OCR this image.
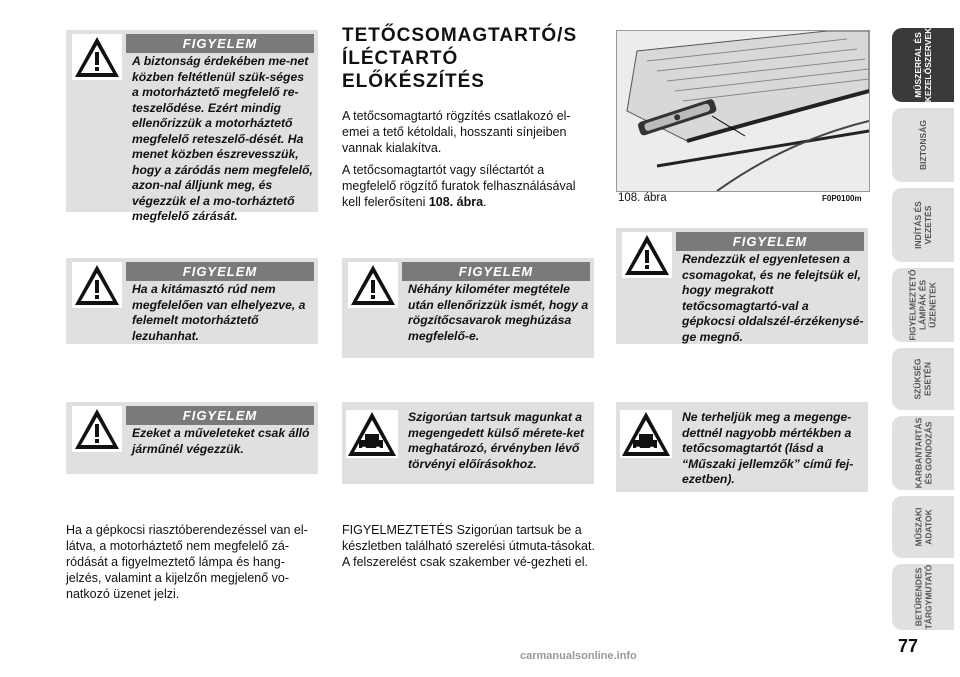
FIGYELEM
A biztonság érdekében me-net közben feltétlenül szük-séges a motorháztető megfelelő re-teszelődése. Ezért mindig ellenőrizzük a motorháztető megfelelő reteszelő-dését. Ha menet közben észrevesszük, hogy a záródás nem megfelelő, azon-nal álljunk meg, és végezzük el a mo-torháztető megfelelő zárását.
FIGYELEM
Ha a kitámasztó rúd nem megfelelően van elhelyezve, a felemelt motorháztető lezuhanhat.
FIGYELEM
Ezeket a műveleteket csak álló járműnél végezzük.
Ha a gépkocsi riasztóberendezéssel van el-látva, a motorháztető nem megfelelő zá-ródását a figyelmeztető lámpa és hang-jelzés, valamint a kijelzőn megjelenő vo-natkozó üzenet jelzi.
TETŐCSOMAGTARTÓ/S
ÍLÉCTARTÓ
ELŐKÉSZÍTÉS

A tetőcsomagtartó rögzítés csatlakozó el-emei a tető kétoldali, hosszanti sínjeiben vannak kialakítva.

A tetőcsomagtartót vagy síléctartót a megfelelő rögzítő furatok felhasználásával kell felerősíteni 108. ábra.

FIGYELEM
Néhány kilométer megtétele után ellenőrizzük ismét, hogy a rögzítőcsavarok meghúzása megfelelő-e.
Szigorúan tartsuk magunkat a megengedett külső mérete-ket meghatározó, érvényben lévő törvényi előírásokhoz.
FIGYELMEZTETÉS Szigorúan tartsuk be a készletben található szerelési útmuta-tásokat. A felszerelést csak szakember vé-gezheti el.
108. ábra	F0P0100m
FIGYELEM
Rendezzük el egyenletesen a csomagokat, és ne felejtsük el, hogy megrakott tetőcsomagtartó-val a gépkocsi oldalszél-érzékenysé-ge megnő.
Ne terheljük meg a megenge-dettnél nagyobb mértékben a tetőcsomagtartót (lásd a “Műszaki jellemzők” című fej-ezetben).
MŰSZERFAL ÉS
KEZELŐSZERVEK
BIZTONSÁG
INDÍTÁS ÉS
VEZETÉS
FIGYELMEZTETŐ
LÁMPÁK ÉS
ÜZENETEK
SZÜKSÉG
ESETÉN
KARBANTARTÁS
ÉS GONDOZÁS
MŰSZAKI
ADATOK
BETŰRENDES
TÁRGYMUTATÓ
77
carmanualsonline.info
